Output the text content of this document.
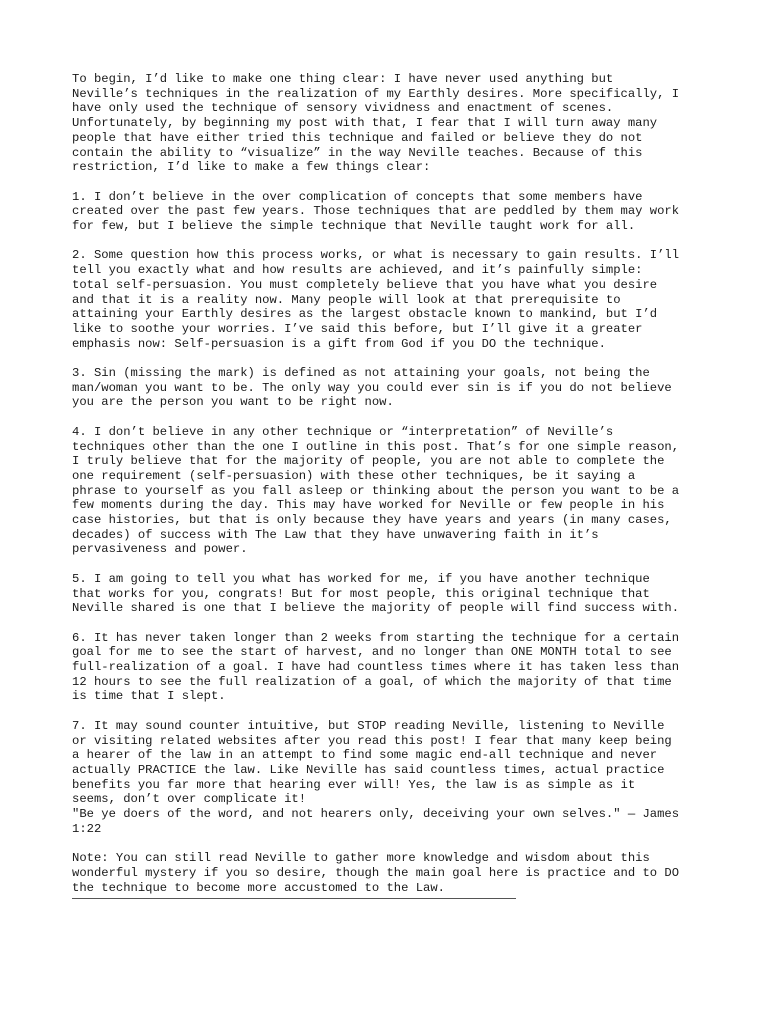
To begin, I’d like to make one thing clear: I have never used anything but
Neville’s techniques in the realization of my Earthly desires. More specifically, I
have only used the technique of sensory vividness and enactment of scenes.
Unfortunately, by beginning my post with that, I fear that I will turn away many
people that have either tried this technique and failed or believe they do not
contain the ability to “visualize” in the way Neville teaches. Because of this
restriction, I’d like to make a few things clear:

1. I don’t believe in the over complication of concepts that some members have
created over the past few years. Those techniques that are peddled by them may work
for few, but I believe the simple technique that Neville taught work for all.

2. Some question how this process works, or what is necessary to gain results. I’ll
tell you exactly what and how results are achieved, and it’s painfully simple:
total self-persuasion. You must completely believe that you have what you desire
and that it is a reality now. Many people will look at that prerequisite to
attaining your Earthly desires as the largest obstacle known to mankind, but I’d
like to soothe your worries. I’ve said this before, but I’ll give it a greater
emphasis now: Self-persuasion is a gift from God if you DO the technique.

3. Sin (missing the mark) is defined as not attaining your goals, not being the
man/woman you want to be. The only way you could ever sin is if you do not believe
you are the person you want to be right now.

4. I don’t believe in any other technique or “interpretation” of Neville’s
techniques other than the one I outline in this post. That’s for one simple reason,
I truly believe that for the majority of people, you are not able to complete the
one requirement (self-persuasion) with these other techniques, be it saying a
phrase to yourself as you fall asleep or thinking about the person you want to be a
few moments during the day. This may have worked for Neville or few people in his
case histories, but that is only because they have years and years (in many cases,
decades) of success with The Law that they have unwavering faith in it’s
pervasiveness and power.

5. I am going to tell you what has worked for me, if you have another technique
that works for you, congrats! But for most people, this original technique that
Neville shared is one that I believe the majority of people will find success with.

6. It has never taken longer than 2 weeks from starting the technique for a certain
goal for me to see the start of harvest, and no longer than ONE MONTH total to see
full-realization of a goal. I have had countless times where it has taken less than
12 hours to see the full realization of a goal, of which the majority of that time
is time that I slept.

7. It may sound counter intuitive, but STOP reading Neville, listening to Neville
or visiting related websites after you read this post! I fear that many keep being
a hearer of the law in an attempt to find some magic end-all technique and never
actually PRACTICE the law. Like Neville has said countless times, actual practice
benefits you far more that hearing ever will! Yes, the law is as simple as it
seems, don’t over complicate it!
"Be ye doers of the word, and not hearers only, deceiving your own selves." — James
1:22

Note: You can still read Neville to gather more knowledge and wisdom about this
wonderful mystery if you so desire, though the main goal here is practice and to DO
the technique to become more accustomed to the Law.
